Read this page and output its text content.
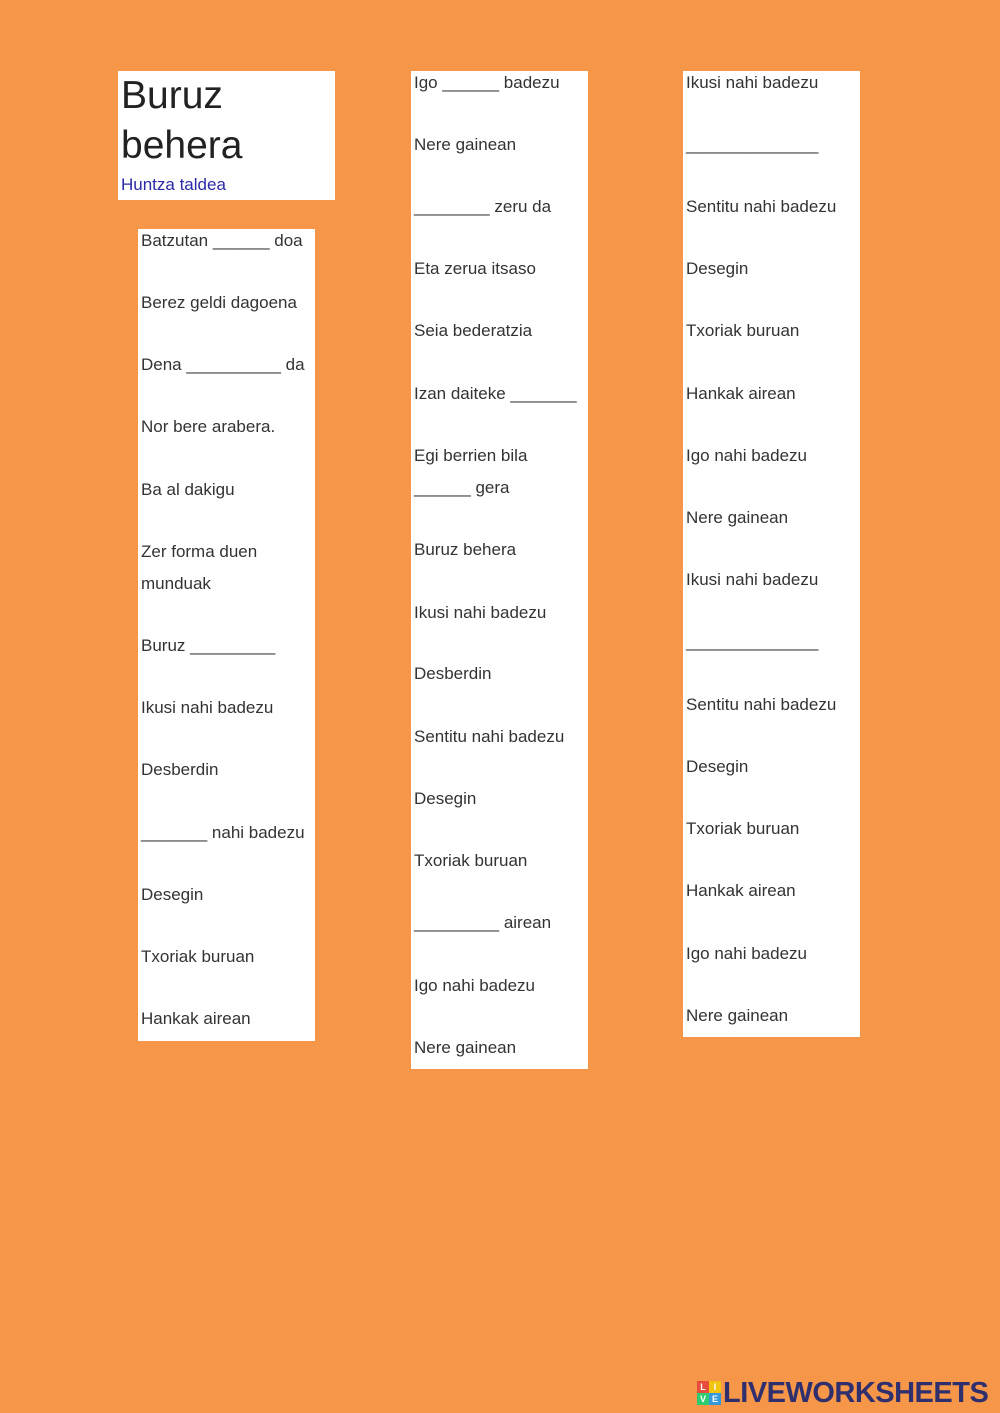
Buruz behera
Huntza taldea
Batzutan ______ doa
Berez geldi dagoena
Dena __________ da
Nor bere arabera.
Ba al dakigu
Zer forma duen
munduak
Buruz _________
Ikusi nahi badezu
Desberdin
_______ nahi badezu
Desegin
Txoriak buruan
Hankak airean
Igo ______ badezu
Nere gainean
________ zeru da
Eta zerua itsaso
Seia bederatzia
Izan daiteke _______
Egi berrien bila
______ gera
Buruz behera
Ikusi nahi badezu
Desberdin
Sentitu nahi badezu
Desegin
Txoriak buruan
_________ airean
Igo nahi badezu
Nere gainean
Ikusi nahi badezu
______________
Sentitu nahi badezu
Desegin
Txoriak buruan
Hankak airean
Igo nahi badezu
Nere gainean
Ikusi nahi badezu
______________
Sentitu nahi badezu
Desegin
Txoriak buruan
Hankak airean
Igo nahi badezu
Nere gainean
L I
V E LIVEWORKSHEETS
